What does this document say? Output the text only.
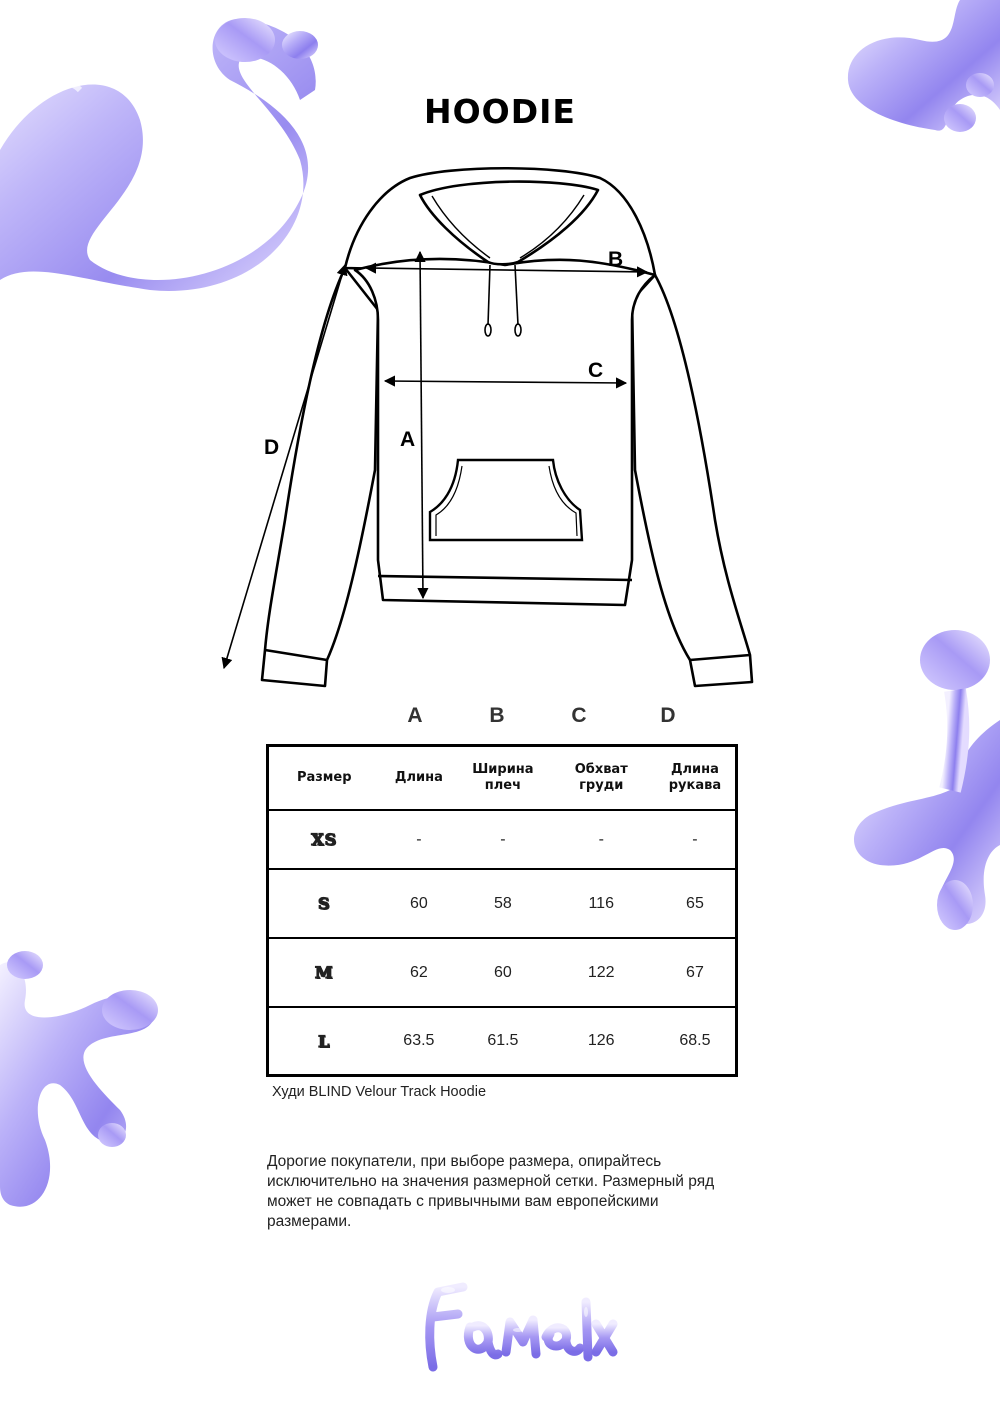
HOODIE
A
B
C
D
A	B	C	D
Размер	Длина	Ширина плеч	Обхват груди	Длина рукава
XS	-	-	-	-
S	60	58	116	65
M	62	60	122	67
L	63.5	61.5	126	68.5
Худи BLIND Velour Track Hoodie
Дорогие покупатели, при выборе размера, опирайтесь исключительно на значения размерной сетки. Размерный ряд может не совпадать с привычными вам европейскими размерами.
